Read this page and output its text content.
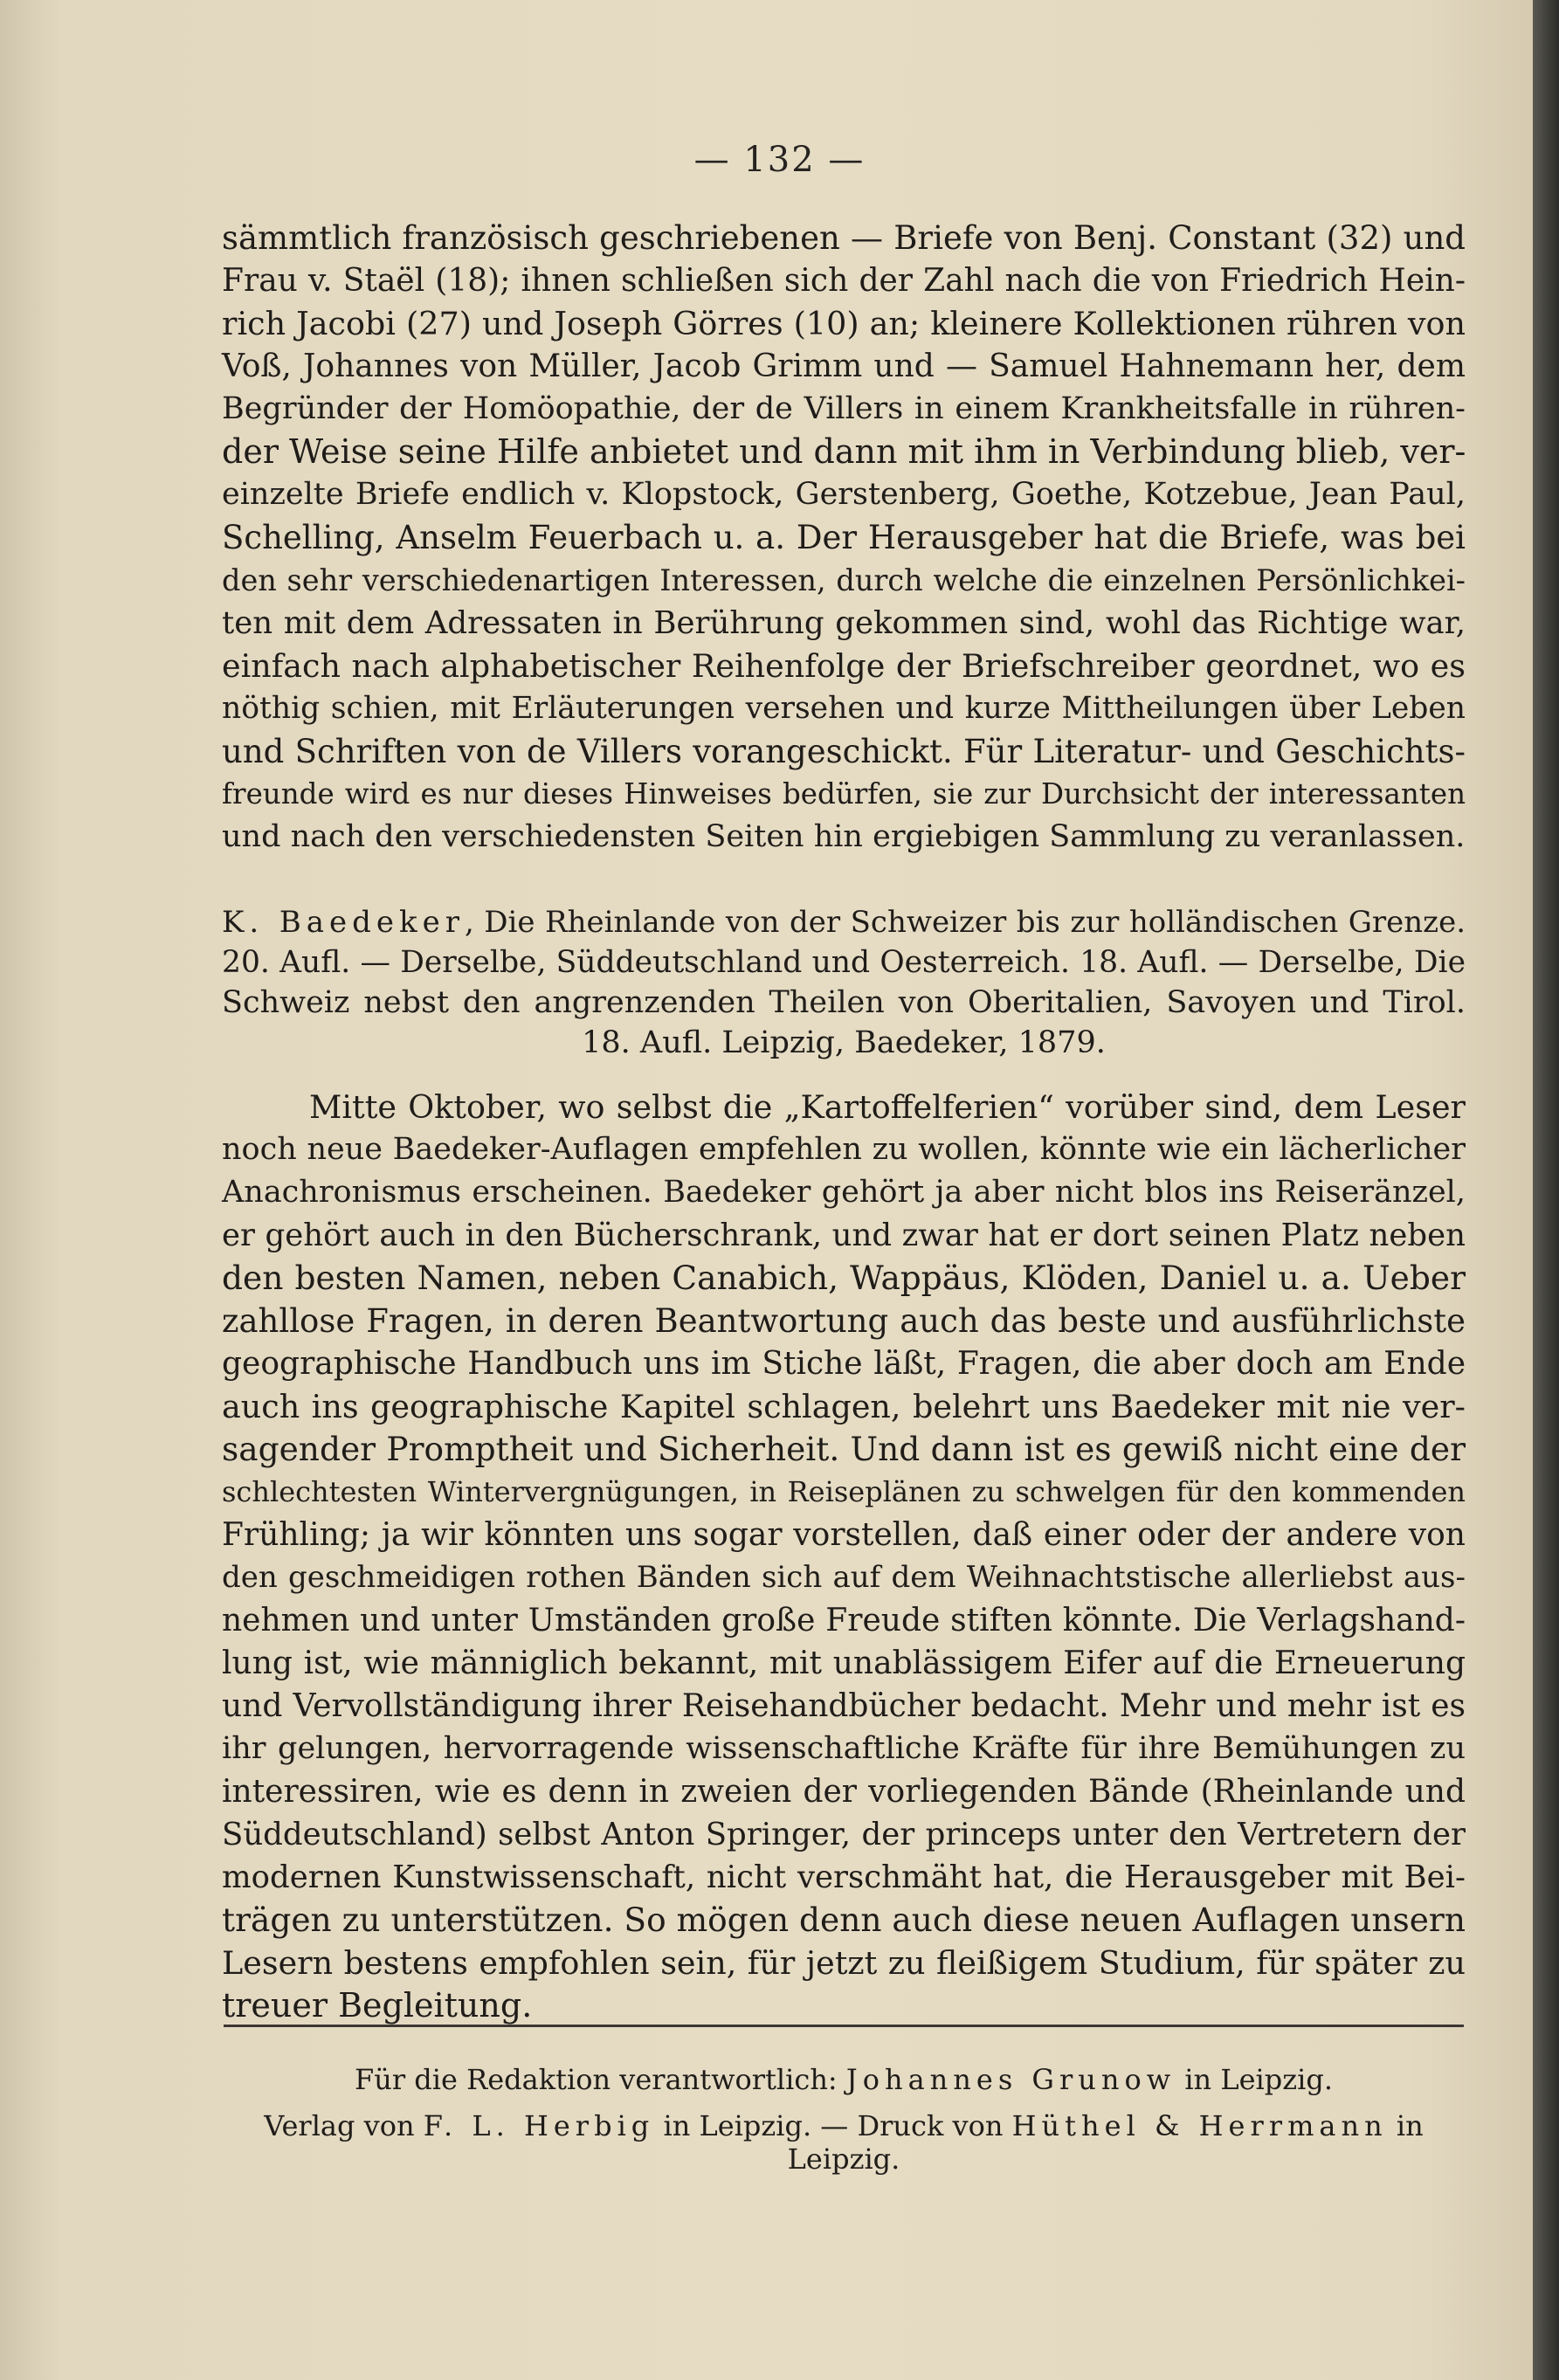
— 132 —
sämmtlich französisch geschriebenen — Briefe von Benj. Constant (32) und
Frau v. Staël (18); ihnen schließen sich der Zahl nach die von Friedrich Hein-
rich Jacobi (27) und Joseph Görres (10) an; kleinere Kollektionen rühren von
Voß, Johannes von Müller, Jacob Grimm und — Samuel Hahnemann her, dem
Begründer der Homöopathie, der de Villers in einem Krankheitsfalle in rühren-
der Weise seine Hilfe anbietet und dann mit ihm in Verbindung blieb, ver-
einzelte Briefe endlich v. Klopstock, Gerstenberg, Goethe, Kotzebue, Jean Paul,
Schelling, Anselm Feuerbach u. a. Der Herausgeber hat die Briefe, was bei
den sehr verschiedenartigen Interessen, durch welche die einzelnen Persönlichkei-
ten mit dem Adressaten in Berührung gekommen sind, wohl das Richtige war,
einfach nach alphabetischer Reihenfolge der Briefschreiber geordnet, wo es
nöthig schien, mit Erläuterungen versehen und kurze Mittheilungen über Leben
und Schriften von de Villers vorangeschickt. Für Literatur- und Geschichts-
freunde wird es nur dieses Hinweises bedürfen, sie zur Durchsicht der interessanten
und nach den verschiedensten Seiten hin ergiebigen Sammlung zu veranlassen.
K. Baedeker, Die Rheinlande von der Schweizer bis zur holländischen Grenze.
20. Aufl. — Derselbe, Süddeutschland und Oesterreich. 18. Aufl. — Derselbe, Die
Schweiz nebst den angrenzenden Theilen von Oberitalien, Savoyen und Tirol.
18. Aufl. Leipzig, Baedeker, 1879.
Mitte Oktober, wo selbst die „Kartoffelferien“ vorüber sind, dem Leser
noch neue Baedeker-Auflagen empfehlen zu wollen, könnte wie ein lächerlicher
Anachronismus erscheinen. Baedeker gehört ja aber nicht blos ins Reiseränzel,
er gehört auch in den Bücherschrank, und zwar hat er dort seinen Platz neben
den besten Namen, neben Canabich, Wappäus, Klöden, Daniel u. a. Ueber
zahllose Fragen, in deren Beantwortung auch das beste und ausführlichste
geographische Handbuch uns im Stiche läßt, Fragen, die aber doch am Ende
auch ins geographische Kapitel schlagen, belehrt uns Baedeker mit nie ver-
sagender Promptheit und Sicherheit. Und dann ist es gewiß nicht eine der
schlechtesten Wintervergnügungen, in Reiseplänen zu schwelgen für den kommenden
Frühling; ja wir könnten uns sogar vorstellen, daß einer oder der andere von
den geschmeidigen rothen Bänden sich auf dem Weihnachtstische allerliebst aus-
nehmen und unter Umständen große Freude stiften könnte. Die Verlagshand-
lung ist, wie männiglich bekannt, mit unablässigem Eifer auf die Erneuerung
und Vervollständigung ihrer Reisehandbücher bedacht. Mehr und mehr ist es
ihr gelungen, hervorragende wissenschaftliche Kräfte für ihre Bemühungen zu
interessiren, wie es denn in zweien der vorliegenden Bände (Rheinlande und
Süddeutschland) selbst Anton Springer, der princeps unter den Vertretern der
modernen Kunstwissenschaft, nicht verschmäht hat, die Herausgeber mit Bei-
trägen zu unterstützen. So mögen denn auch diese neuen Auflagen unsern
Lesern bestens empfohlen sein, für jetzt zu fleißigem Studium, für später zu
treuer Begleitung.
Für die Redaktion verantwortlich: Johannes Grunow in Leipzig.
Verlag von F. L. Herbig in Leipzig. — Druck von Hüthel & Herrmann in Leipzig.
